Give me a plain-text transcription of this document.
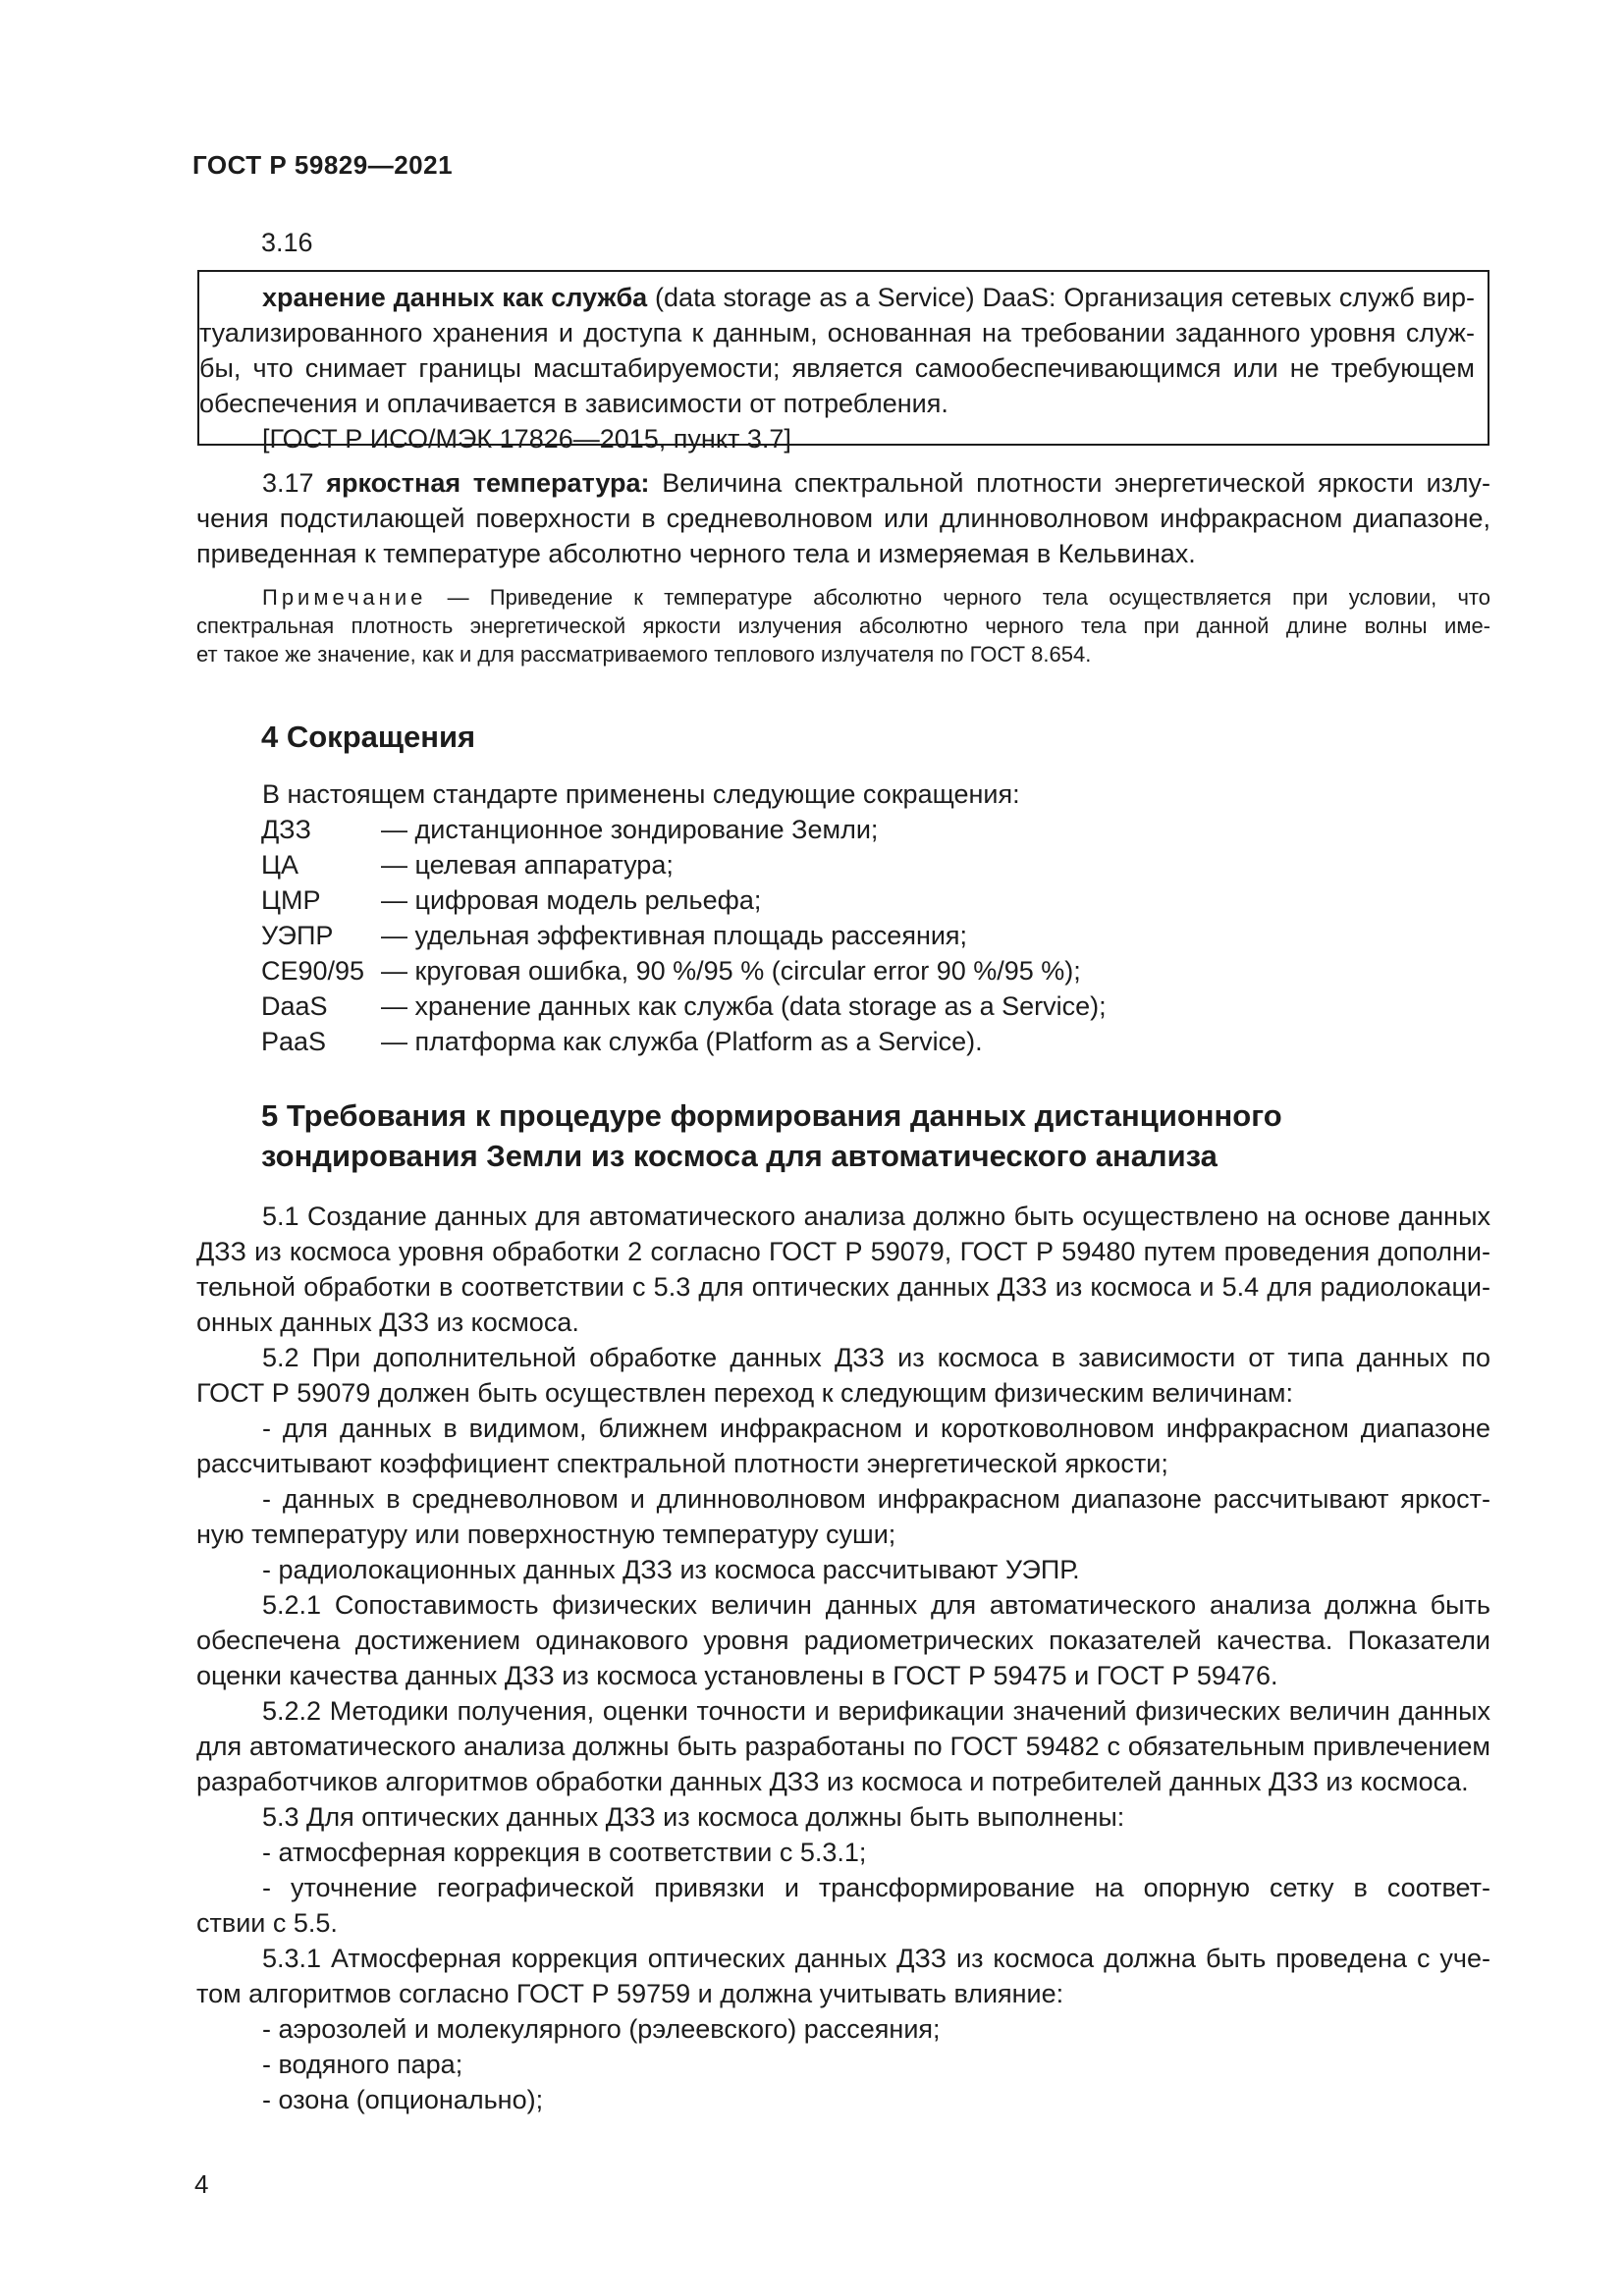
ГОСТ Р 59829—2021
3.16
хранение данных как служба (data storage as a Service) DaaS: Организация сетевых служб вир-
туализированного хранения и доступа к данным, основанная на требовании заданного уровня служ-
бы, что снимает границы масштабируемости; является самообеспечивающимся или не требующем
обеспечения и оплачивается в зависимости от потребления.
[ГОСТ Р ИСО/МЭК 17826—2015, пункт 3.7]
3.17 яркостная температура: Величина спектральной плотности энергетической яркости излу-
чения подстилающей поверхности в средневолновом или длинноволновом инфракрасном диапазоне,
приведенная к температуре абсолютно черного тела и измеряемая в Кельвинах.
Примечание — Приведение к температуре абсолютно черного тела осуществляется при условии, что
спектральная плотность энергетической яркости излучения абсолютно черного тела при данной длине волны име-
ет такое же значение, как и для рассматриваемого теплового излучателя по ГОСТ 8.654.
4 Сокращения
В настоящем стандарте применены следующие сокращения:
ДЗЗ	— дистанционное зондирование Земли;
ЦА	— целевая аппаратура;
ЦМР	— цифровая модель рельефа;
УЭПР	— удельная эффективная площадь рассеяния;
CE90/95 — круговая ошибка, 90 %/95 % (circular error 90 %/95 %);
DaaS	— хранение данных как служба (data storage as a Service);
PaaS	— платформа как служба (Platform as a Service).
5 Требования к процедуре формирования данных дистанционного
зондирования Земли из космоса для автоматического анализа
5.1 Создание данных для автоматического анализа должно быть осуществлено на основе данных
ДЗЗ из космоса уровня обработки 2 согласно ГОСТ Р 59079, ГОСТ Р 59480 путем проведения дополни-
тельной обработки в соответствии с 5.3 для оптических данных ДЗЗ из космоса и 5.4 для радиолокаци-
онных данных ДЗЗ из космоса.
5.2 При дополнительной обработке данных ДЗЗ из космоса в зависимости от типа данных по
ГОСТ Р 59079 должен быть осуществлен переход к следующим физическим величинам:
- для данных в видимом, ближнем инфракрасном и коротковолновом инфракрасном диапазоне
рассчитывают коэффициент спектральной плотности энергетической яркости;
- данных в средневолновом и длинноволновом инфракрасном диапазоне рассчитывают яркост-
ную температуру или поверхностную температуру суши;
- радиолокационных данных ДЗЗ из космоса рассчитывают УЭПР.
5.2.1 Сопоставимость физических величин данных для автоматического анализа должна быть
обеспечена достижением одинакового уровня радиометрических показателей качества. Показатели
оценки качества данных ДЗЗ из космоса установлены в ГОСТ Р 59475 и ГОСТ Р 59476.
5.2.2 Методики получения, оценки точности и верификации значений физических величин данных
для автоматического анализа должны быть разработаны по ГОСТ 59482 с обязательным привлечением
разработчиков алгоритмов обработки данных ДЗЗ из космоса и потребителей данных ДЗЗ из космоса.
5.3 Для оптических данных ДЗЗ из космоса должны быть выполнены:
- атмосферная коррекция в соответствии с 5.3.1;
- уточнение географической привязки и трансформирование на опорную сетку в соответ-
ствии с 5.5.
5.3.1 Атмосферная коррекция оптических данных ДЗЗ из космоса должна быть проведена с уче-
том алгоритмов согласно ГОСТ Р 59759 и должна учитывать влияние:
- аэрозолей и молекулярного (рэлеевского) рассеяния;
- водяного пара;
- озона (опционально);
4
